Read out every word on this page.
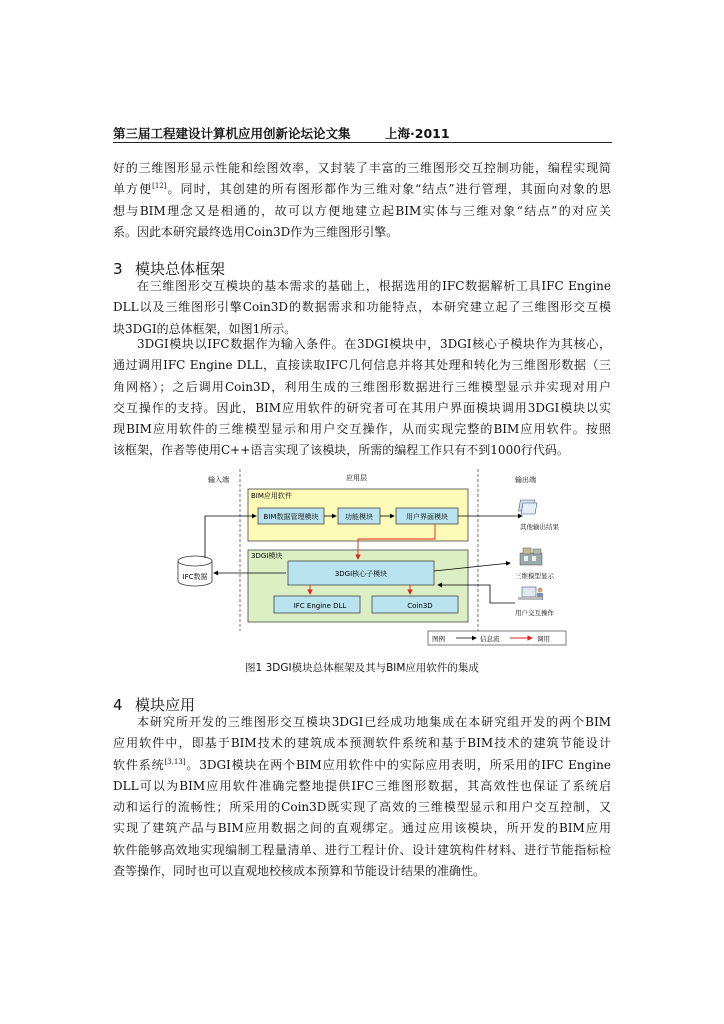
第三届工程建设计算机应用创新论坛论文集	上海·2011
好的三维图形显示性能和绘图效率，又封装了丰富的三维图形交互控制功能，编程实现简
单方便[12]。同时，其创建的所有图形都作为三维对象“结点”进行管理，其面向对象的思
想与BIM理念又是相通的，故可以方便地建立起BIM实体与三维对象“结点”的对应关
系。因此本研究最终选用Coin3D作为三维图形引擎。
3 模块总体框架
在三维图形交互模块的基本需求的基础上，根据选用的IFC数据解析工具IFC Engine
DLL以及三维图形引擎Coin3D的数据需求和功能特点，本研究建立起了三维图形交互模
块3DGI的总体框架，如图1所示。
3DGI模块以IFC数据作为输入条件。在3DGI模块中，3DGI核心子模块作为其核心，
通过调用IFC Engine DLL，直接读取IFC几何信息并将其处理和转化为三维图形数据（三
角网格）；之后调用Coin3D，利用生成的三维图形数据进行三维模型显示并实现对用户
交互操作的支持。因此，BIM应用软件的研究者可在其用户界面模块调用3DGI模块以实
现BIM应用软件的三维模型显示和用户交互操作，从而实现完整的BIM应用软件。按照
该框架，作者等使用C++语言实现了该模块，所需的编程工作只有不到1000行代码。
输入端	应用层	输出端
BIM应用软件
BIM数据管理模块	功能模块	用户界面模块
3DGI模块
3DGI核心子模块
IFC Engine DLL	Coin3D
IFC数据
其他输出结果
三维模型显示
用户交互操作
图例	信息流	调用
图1 3DGI模块总体框架及其与BIM应用软件的集成
4 模块应用
本研究所开发的三维图形交互模块3DGI已经成功地集成在本研究组开发的两个BIM
应用软件中，即基于BIM技术的建筑成本预测软件系统和基于BIM技术的建筑节能设计
软件系统[3,13]。3DGI模块在两个BIM应用软件中的实际应用表明，所采用的IFC Engine
DLL可以为BIM应用软件准确完整地提供IFC三维图形数据，其高效性也保证了系统启
动和运行的流畅性；所采用的Coin3D既实现了高效的三维模型显示和用户交互控制，又
实现了建筑产品与BIM应用数据之间的直观绑定。通过应用该模块，所开发的BIM应用
软件能够高效地实现编制工程量清单、进行工程计价、设计建筑构件材料、进行节能指标检
查等操作，同时也可以直观地校核成本预算和节能设计结果的准确性。
